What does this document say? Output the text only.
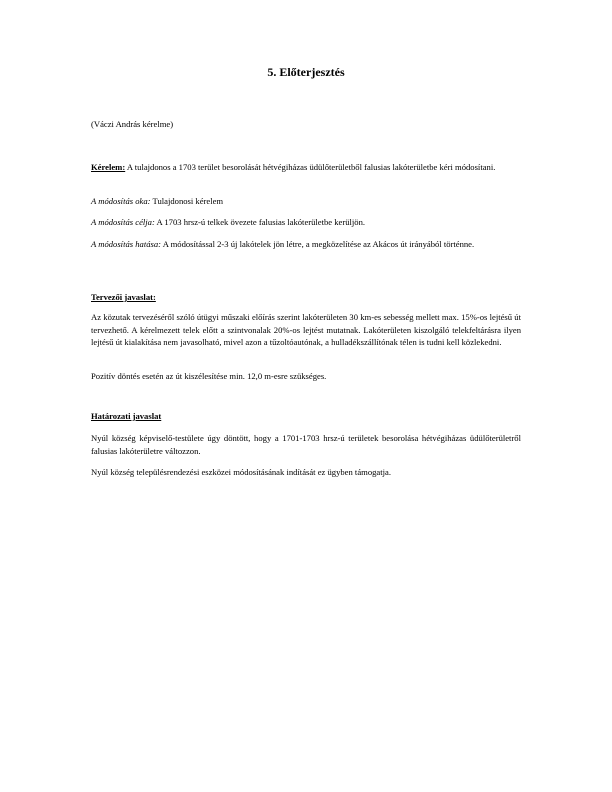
5. Előterjesztés

(Váczi András kérelme)

Kérelem: A tulajdonos a 1703 terület besorolását hétvégiházas üdülőterületből falusias lakóterületbe kéri módosítani.

A módosítás oka: Tulajdonosi kérelem

A módosítás célja: A 1703 hrsz-ú telkek övezete falusias lakóterületbe kerüljön.

A módosítás hatása: A módosítással 2-3 új lakótelek jön létre, a megközelítése az Akácos út irányából történne.

Tervezői javaslat:

Az közutak tervezéséről szóló útügyi műszaki előírás szerint lakóterületen 30 km-es sebesség mellett max. 15%-os lejtésű út tervezhető. A kérelmezett telek előtt a szintvonalak 20%-os lejtést mutatnak. Lakóterületen kiszolgáló telekfeltárásra ilyen lejtésű út kialakítása nem javasolható, mivel azon a tűzoltóautónak, a hulladékszállítónak télen is tudni kell közlekedni.

Pozitív döntés esetén az út kiszélesítése min. 12,0 m-esre szükséges.

Határozati javaslat

Nyúl község képviselő-testülete úgy döntött, hogy a 1701-1703 hrsz-ú területek besorolása hétvégiházas üdülőterületről falusias lakóterületre változzon.

Nyúl község településrendezési eszközei módosításának indítását ez ügyben támogatja.
